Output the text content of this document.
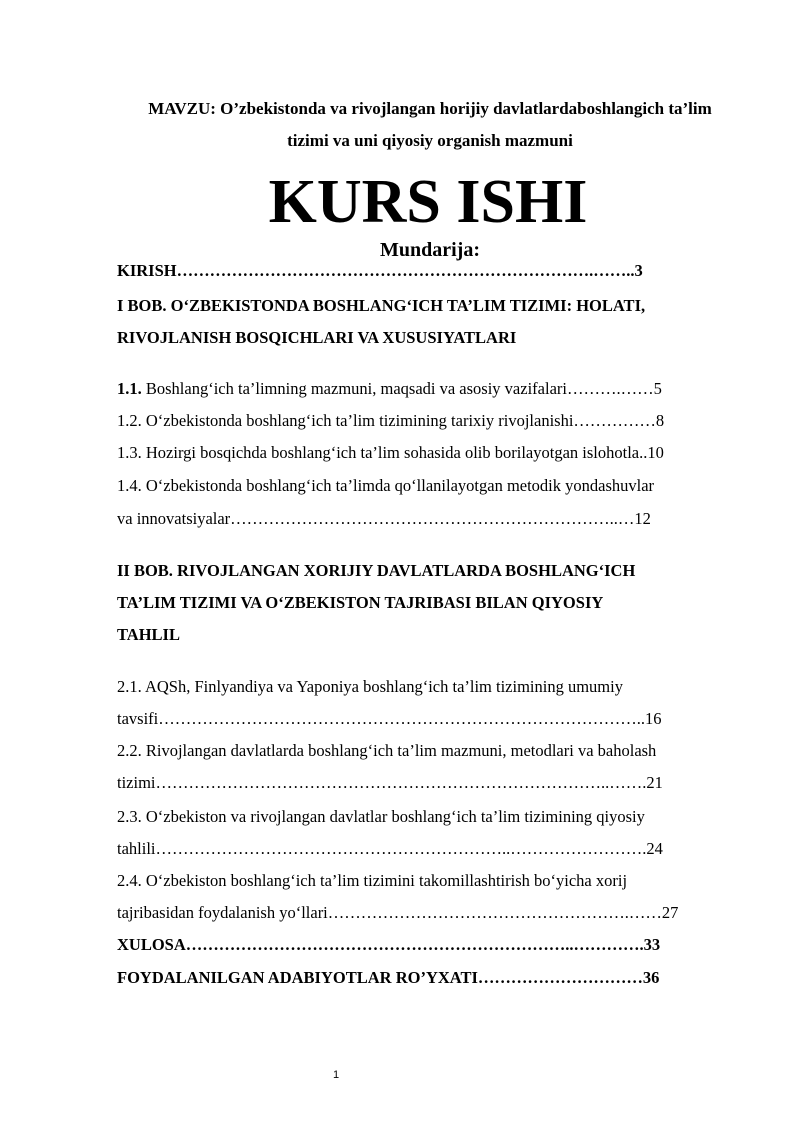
MAVZU: O’zbekistonda va rivojlangan horijiy davlatlardaboshlangich ta’lim
tizimi va uni qiyosiy organish mazmuni
KURS ISHI
Mundarija:
KIRISH………………………………………………………………….……..3
I BOB. O‘ZBEKISTONDA BOSHLANG‘ICH TA’LIM TIZIMI: HOLATI,
RIVOJLANISH BOSQICHLARI VA XUSUSIYATLARI
1.1. Boshlang‘ich ta’limning mazmuni, maqsadi va asosiy vazifalari……….……5
1.2. O‘zbekistonda boshlang‘ich ta’lim tizimining tarixiy rivojlanishi……………8
1.3. Hozirgi bosqichda boshlang‘ich ta’lim sohasida olib borilayotgan islohotla..10
1.4. O‘zbekistonda boshlang‘ich ta’limda qo‘llanilayotgan metodik yondashuvlar
va innovatsiyalar……………………………………………………………..…12
II BOB. RIVOJLANGAN XORIJIY DAVLATLARDA BOSHLANG‘ICH
TA’LIM TIZIMI VA O‘ZBEKISTON TAJRIBASI BILAN QIYOSIY
TAHLIL
2.1. AQSh, Finlyandiya va Yaponiya boshlang‘ich ta’lim tizimining umumiy
tavsifi……………………………………………………………………………..16
2.2. Rivojlangan davlatlarda boshlang‘ich ta’lim mazmuni, metodlari va baholash
tizimi………………………………………………………………………..…….21
2.3. O‘zbekiston va rivojlangan davlatlar boshlang‘ich ta’lim tizimining qiyosiy
tahlili………………………………………………………..…………………….24
2.4. O‘zbekiston boshlang‘ich ta’lim tizimini takomillashtirish bo‘yicha xorij
tajribasidan foydalanish yo‘llari……………………………………………….……27
XULOSA……………………………………………………………..………….33
FOYDALANILGAN ADABIYOTLAR RO’YXATI…………………………36
1
